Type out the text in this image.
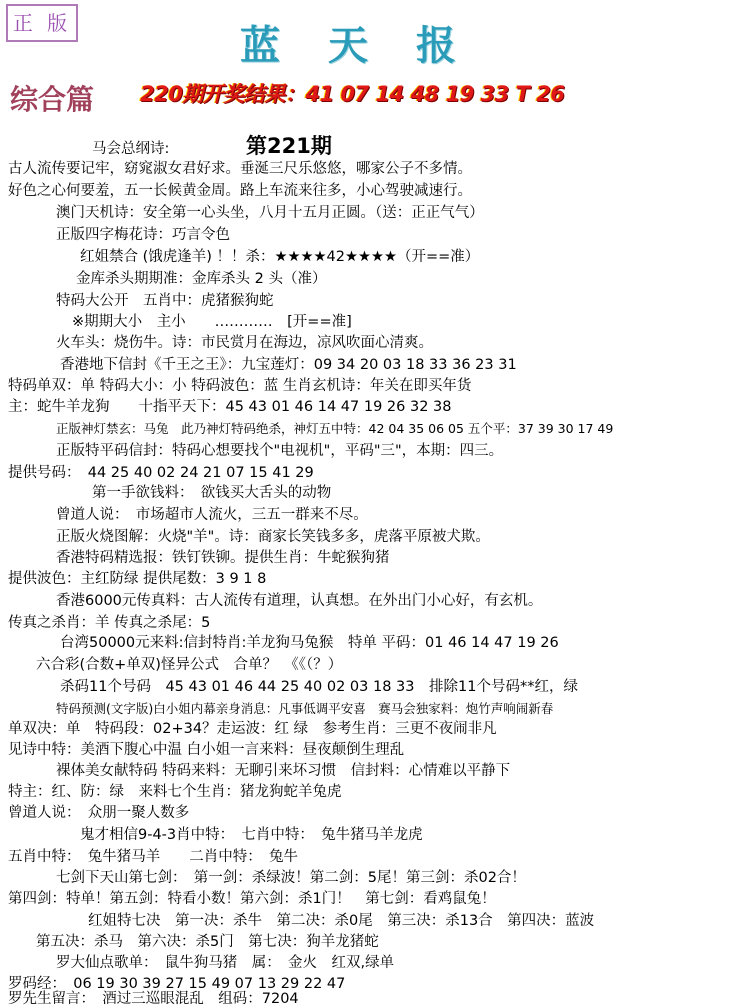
正 版	蓝天报
综合篇 220期开奖结果：41 07 14 48 19 33 T 26
第221期
马会总纲诗:
古人流传要记牢，窈窕淑女君好求。垂涎三尺乐悠悠，哪家公子不多情。
好色之心何要羞，五一长候黄金周。路上车流来往多，小心驾驶减速行。
澳门天机诗：安全第一心头坐，八月十五月正圆。（送：正正气气）
正版四字梅花诗：巧言令色
红姐禁合 (饿虎逢羊) ！！杀：★★★★42★★★★（开==准）
金库杀头期期准：金库杀头 2 头（准）
特码大公开　五肖中：虎猪猴狗蛇
※期期大小　主小　　…………　[开==准]
火车头：烧伤牛。诗：市民赏月在海边，凉风吹面心清爽。
香港地下信封《千王之王》：九宝莲灯：09 34 20 03 18 33 36 23 31
特码单双：单 特码大小：小 特码波色：蓝 生肖玄机诗：年关在即买年货
主：蛇牛羊龙狗　　十指平天下：45 43 01 46 14 47 19 26 32 38
正版神灯禁玄：马兔　此乃神灯特码绝杀，神灯五中特：42 04 35 06 05 五个平：37 39 30 17 49
正版特平码信封：特码心想要找个"电视机"，平码"三"，本期：四三。
提供号码：　44 25 40 02 24 21 07 15 41 29
第一手欲钱料：　欲钱买大舌头的动物
曾道人说：　市场超市人流火，三五一群来不尽。
正版火烧图解：火烧"羊"。诗：商家长笑钱多多，虎落平原被犬欺。
香港特码精选报：铁钉铁铆。提供生肖：牛蛇猴狗猪
提供波色：主红防绿 提供尾数：3 9 1 8
香港6000元传真料：古人流传有道理，认真想。在外出门小心好，有玄机。
传真之杀肖：羊 传真之杀尾：5
台湾50000元来料:信封特肖:羊龙狗马兔猴　特单 平码：01 46 14 47 19 26
六合彩(合数+单双)怪异公式　合单？　《《（？）
杀码11个号码　45 43 01 46 44 25 40 02 03 18 33　排除11个号码**红，绿
特码预测(文字版)白小姐内幕亲身消息：凡事低调平安喜　赛马会独家料：炮竹声响闹新春
单双决：单　特码段：02+34？走运波：红 绿　参考生肖：三更不夜闹非凡
见诗中特：美酒下腹心中温 白小姐一言来料：昼夜颠倒生理乱
裸体美女献特码 特码来料：无聊引来坏习惯　信封料：心情难以平静下
特主：红、防：绿　来料七个生肖：猪龙狗蛇羊兔虎
曾道人说：　众朋一聚人数多
鬼才相信9-4-3肖中特：　七肖中特：　兔牛猪马羊龙虎
五肖中特：　兔牛猪马羊　　二肖中特：　兔牛
七剑下天山第七剑：　第一剑：杀绿波！第二剑：5尾！第三剑：杀02合！
第四剑：特单！第五剑：特看小数！第六剑：杀1门！　第七剑：看鸡鼠兔！
红姐特七决　第一决：杀牛　第二决：杀0尾　第三决：杀13合　第四决：蓝波
第五决：杀马　第六决：杀5门　第七决：狗羊龙猪蛇
罗大仙点歌单：　鼠牛狗马猪　属：　金火　红双,绿单
罗码经：　06 19 30 39 27 15 49 07 13 29 22 47
罗先生留言：　酒过三巡眼混乱　组码：7204
